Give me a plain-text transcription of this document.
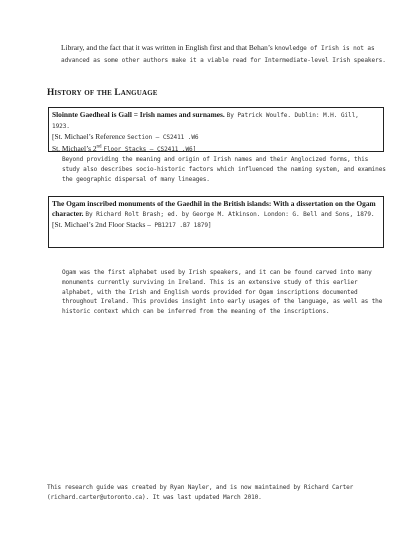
Library, and the fact that it was written in English first and that Behan’s knowledge of Irish is not as advanced as some other authors make it a viable read for Intermediate-level Irish speakers.
History of the Language
Sloinnte Gaedheal is Gall = Irish names and surnames. By Patrick Woulfe. Dublin: M.H. Gill, 1923.
[St. Michael’s Reference Section – CS2411 .W6
St. Michael’s 2nd Floor Stacks – CS2411 .W6]
Beyond providing the meaning and origin of Irish names and their Anglocized forms, this study also describes socio-historic factors which influenced the naming system, and examines the geographic dispersal of many lineages.
The Ogam inscribed monuments of the Gaedhil in the British islands: With a dissertation on the Ogam character. By Richard Rolt Brash; ed. by George M. Atkinson. London: G. Bell and Sons, 1879.
[St. Michael’s 2nd Floor Stacks – PB1217 .B7 1879]
Ogam was the first alphabet used by Irish speakers, and it can be found carved into many monuments currently surviving in Ireland. This is an extensive study of this earlier alphabet, with the Irish and English words provided for Ogam inscriptions documented throughout Ireland. This provides insight into early usages of the language, as well as the historic context which can be inferred from the meaning of the inscriptions.
This research guide was created by Ryan Nayler, and is now maintained by Richard Carter (richard.carter@utoronto.ca). It was last updated March 2010.
